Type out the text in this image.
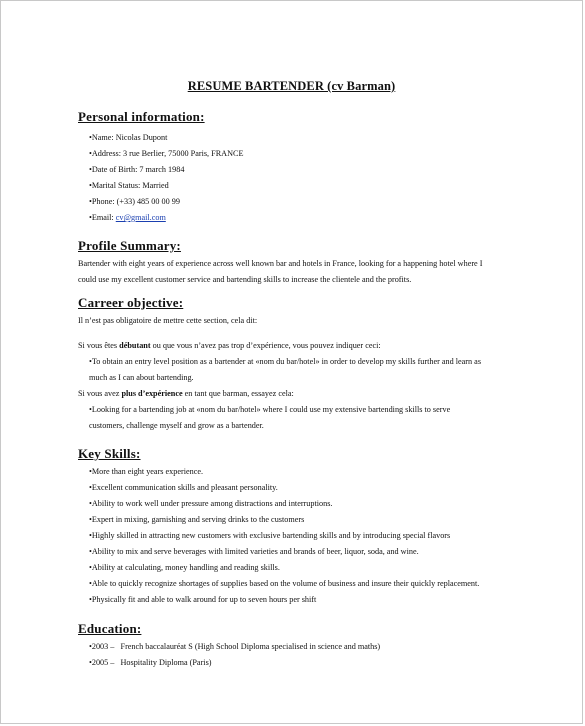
RESUME BARTENDER (cv Barman)
Personal information:
•Name: Nicolas Dupont
•Address: 3 rue Berlier, 75000 Paris, FRANCE
•Date of Birth: 7 march 1984
•Marital Status: Married
•Phone: (+33) 485 00 00 99
•Email: cv@gmail.com
Profile Summary:
Bartender with eight years of experience across well known bar and hotels in France, looking for a happening hotel where I
could use my excellent customer service and bartending skills to increase the clientele and the profits.
Carreer objective:
Il n’est pas obligatoire de mettre cette section, cela dit:
Si vous êtes débutant ou que vous n’avez pas trop d’expérience, vous pouvez indiquer ceci:
•To obtain an entry level position as a bartender at «nom du bar/hotel» in order to develop my skills further and learn as
much as I can about bartending.
Si vous avez plus d’expérience en tant que barman, essayez cela:
•Looking for a bartending job at «nom du bar/hotel» where I could use my extensive bartending skills to serve
customers, challenge myself and grow as a bartender.
Key Skills:
•More than eight years experience.
•Excellent communication skills and pleasant personality.
•Ability to work well under pressure among distractions and interruptions.
•Expert in mixing, garnishing and serving drinks to the customers
•Highly skilled in attracting new customers with exclusive bartending skills and by introducing special flavors
•Ability to mix and serve beverages with limited varieties and brands of beer, liquor, soda, and wine.
•Ability at calculating, money handling and reading skills.
•Able to quickly recognize shortages of supplies based on the volume of business and insure their quickly replacement.
•Physically fit and able to walk around for up to seven hours per shift
Education:
•2003 –   French baccalauréat S (High School Diploma specialised in science and maths)
•2005 –   Hospitality Diploma (Paris)
